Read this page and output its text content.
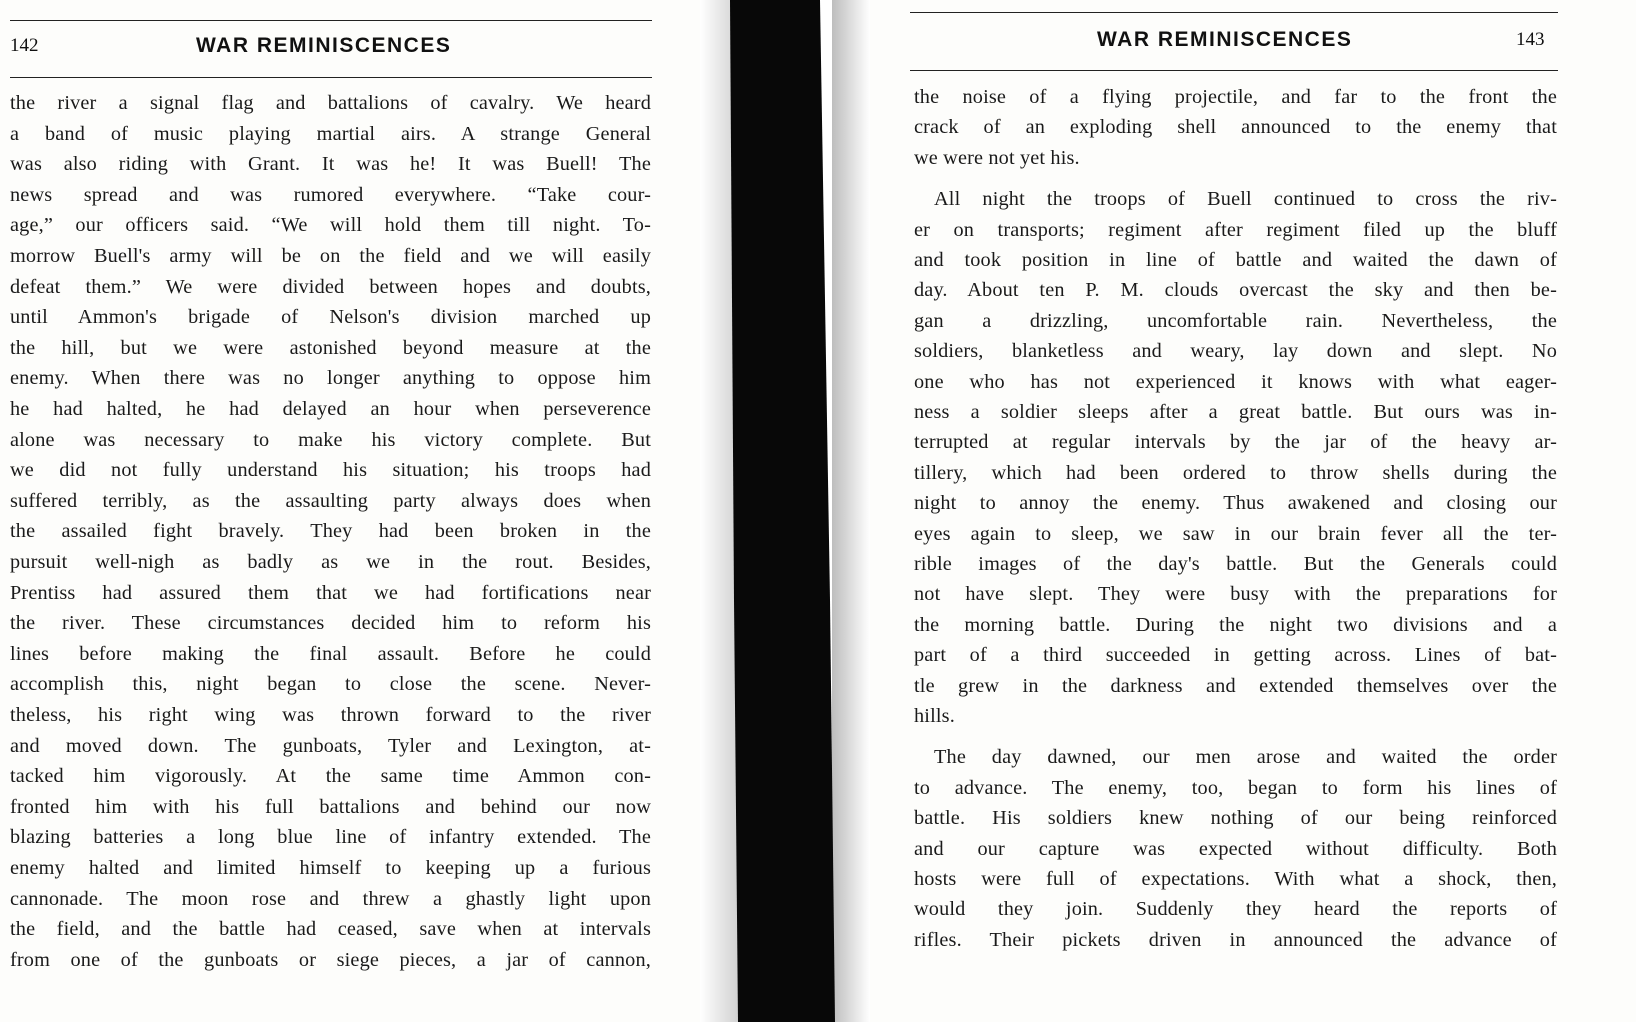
142	WAR REMINISCENCES
the river a signal flag and battalions of cavalry. We heard
a band of music playing martial airs. A strange General
was also riding with Grant. It was he! It was Buell! The
news spread and was rumored everywhere. “Take cour-
age,” our officers said. “We will hold them till night. To-
morrow Buell's army will be on the field and we will easily
defeat them.” We were divided between hopes and doubts,
until Ammon's brigade of Nelson's division marched up
the hill, but we were astonished beyond measure at the
enemy. When there was no longer anything to oppose him
he had halted, he had delayed an hour when perseverence
alone was necessary to make his victory complete. But
we did not fully understand his situation; his troops had
suffered terribly, as the assaulting party always does when
the assailed fight bravely. They had been broken in the
pursuit well-nigh as badly as we in the rout. Besides,
Prentiss had assured them that we had fortifications near
the river. These circumstances decided him to reform his
lines before making the final assault. Before he could
accomplish this, night began to close the scene. Never-
theless, his right wing was thrown forward to the river
and moved down. The gunboats, Tyler and Lexington, at-
tacked him vigorously. At the same time Ammon con-
fronted him with his full battalions and behind our now
blazing batteries a long blue line of infantry extended. The
enemy halted and limited himself to keeping up a furious
cannonade. The moon rose and threw a ghastly light upon
the field, and the battle had ceased, save when at intervals
from one of the gunboats or siege pieces, a jar of cannon,
WAR REMINISCENCES	143
the noise of a flying projectile, and far to the front the
crack of an exploding shell announced to the enemy that
we were not yet his.
All night the troops of Buell continued to cross the riv-
er on transports; regiment after regiment filed up the bluff
and took position in line of battle and waited the dawn of
day. About ten P. M. clouds overcast the sky and then be-
gan a drizzling, uncomfortable rain. Nevertheless, the
soldiers, blanketless and weary, lay down and slept. No
one who has not experienced it knows with what eager-
ness a soldier sleeps after a great battle. But ours was in-
terrupted at regular intervals by the jar of the heavy ar-
tillery, which had been ordered to throw shells during the
night to annoy the enemy. Thus awakened and closing our
eyes again to sleep, we saw in our brain fever all the ter-
rible images of the day's battle. But the Generals could
not have slept. They were busy with the preparations for
the morning battle. During the night two divisions and a
part of a third succeeded in getting across. Lines of bat-
tle grew in the darkness and extended themselves over the
hills.
The day dawned, our men arose and waited the order
to advance. The enemy, too, began to form his lines of
battle. His soldiers knew nothing of our being reinforced
and our capture was expected without difficulty. Both
hosts were full of expectations. With what a shock, then,
would they join. Suddenly they heard the reports of
rifles. Their pickets driven in announced the advance of
